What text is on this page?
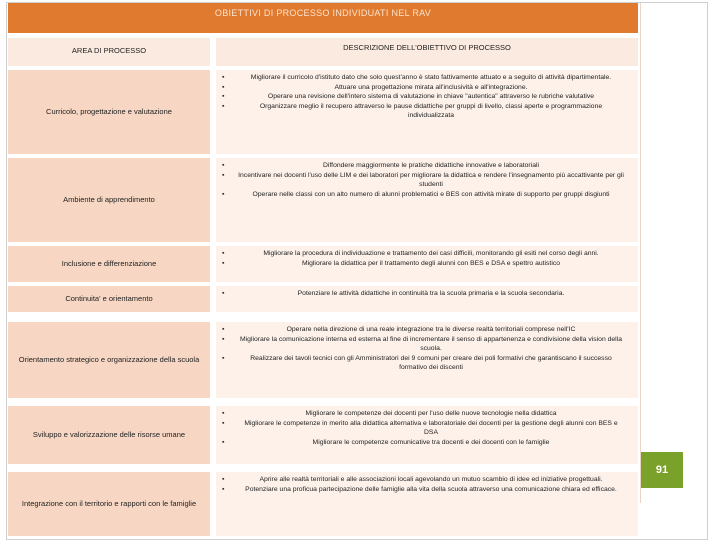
OBIETTIVI DI PROCESSO INDIVIDUATI NEL RAV
AREA DI PROCESSO	DESCRIZIONE DELL'OBIETTIVO DI PROCESSO
Curricolo, progettazione e valutazione
▪ Migliorare il curricolo d'istituto dato che solo quest'anno è stato fattivamente attuato e a seguito di attività dipartimentale.
▪ Attuare una progettazione mirata all'inclusività e all'integrazione.
▪ Operare una revisione dell'intero sistema di valutazione in chiave "autentica" attraverso le rubriche valutative
▪ Organizzare meglio il recupero attraverso le pause didattiche per gruppi di livello, classi aperte e programmazione individualizzata
Ambiente di apprendimento
▪ Diffondere maggiormente le pratiche didattiche innovative e laboratoriali
▪ Incentivare nei docenti l'uso delle LIM e dei laboratori per migliorare la didattica e rendere l'insegnamento più accattivante per gli studenti
▪ Operare nelle classi con un alto numero di alunni problematici e BES con attività mirate di supporto per gruppi disgiunti
Inclusione e differenziazione
▪ Migliorare la procedura di individuazione e trattamento dei casi difficili, monitorando gli esiti nel corso degli anni.
▪ Migliorare la didattica per il trattamento degli alunni con BES e DSA e spettro autistico
Continuita' e orientamento
▪ Potenziare le attività didattiche in continuità tra la scuola primaria e la scuola secondaria.
Orientamento strategico e organizzazione della scuola
▪ Operare nella direzione di una reale integrazione tra le diverse realtà territoriali comprese nell'IC
▪ Migliorare la comunicazione interna ed esterna al fine di incrementare il senso di appartenenza e condivisione della vision della scuola.
▪ Realizzare dei tavoli tecnici con gli Amministratori dei 9 comuni per creare dei poli formativi che garantiscano il successo formativo dei discenti
Sviluppo e valorizzazione delle risorse umane
▪ Migliorare le competenze dei docenti per l'uso delle nuove tecnologie nella didattica
▪ Migliorare le competenze in merito alla didattica alternativa e laboratoriale dei docenti per la gestione degli alunni con BES e DSA
▪ Migliorare le competenze comunicative tra docenti e dei docenti con le famiglie
Integrazione con il territorio e rapporti con le famiglie
▪ Aprire alle realtà territoriali e alle associazioni locali agevolando un mutuo scambio di idee ed iniziative progettuali.
▪ Potenziare una proficua partecipazione delle famiglie alla vita della scuola attraverso una comunicazione chiara ed efficace.
91
